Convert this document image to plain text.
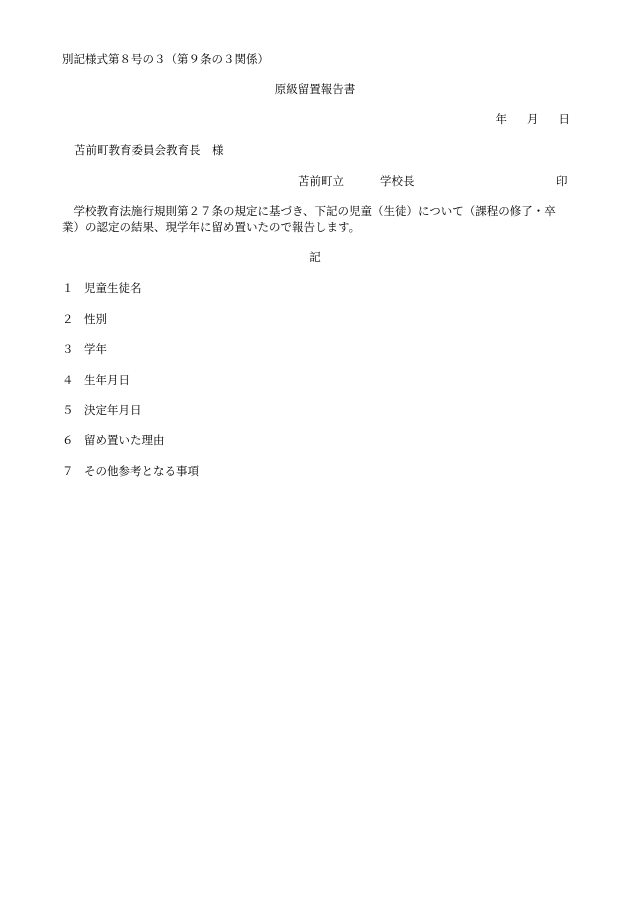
別記様式第８号の３（第９条の３関係）
原級留置報告書
年 月 日
苫前町教育委員会教育長　様
苫前町立	学校長	印
学校教育法施行規則第２７条の規定に基づき、下記の児童（生徒）について（課程の修了・卒業）の認定の結果、現学年に留め置いたので報告します。
記
１ 児童生徒名
２ 性別
３ 学年
４ 生年月日
５ 決定年月日
６ 留め置いた理由
７ その他参考となる事項
